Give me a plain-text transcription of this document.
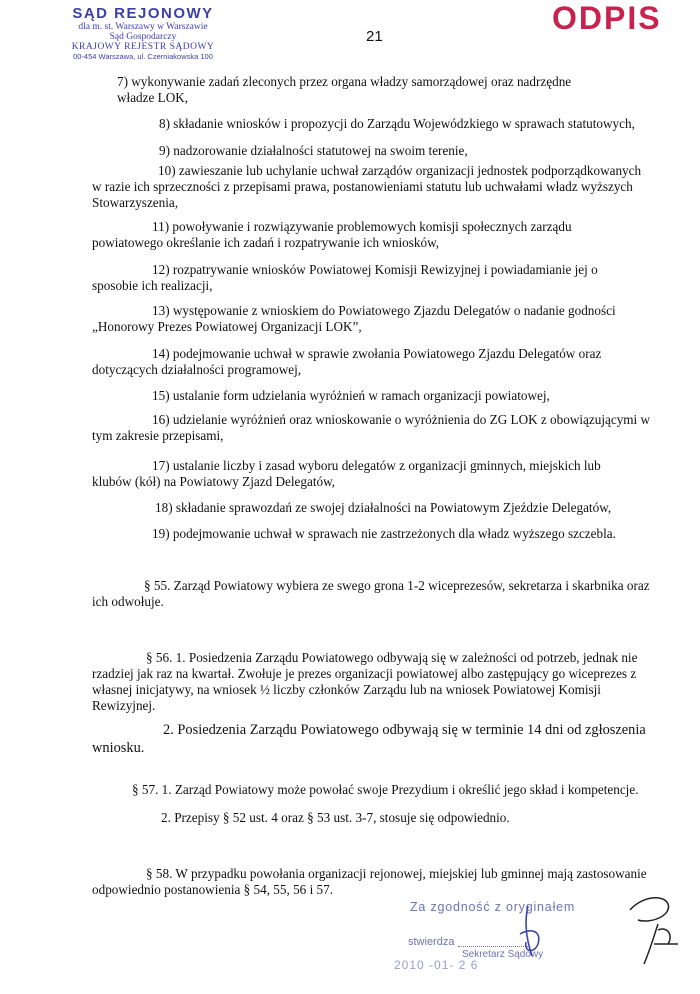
SĄD REJONOWY
dla m. st. Warszawy w Warszawie
Sąd Gospodarczy
KRAJOWY REJESTR SĄDOWY
00-454 Warszawa, ul. Czerniakowska 100
21
ODPIS
7) wykonywanie zadań zleconych przez organa władzy samorządowej oraz nadrzędne
władze LOK,
8) składanie wniosków i propozycji do Zarządu Wojewódzkiego w sprawach statutowych,
9) nadzorowanie działalności statutowej na swoim terenie,
10) zawieszanie lub uchylanie uchwał zarządów organizacji jednostek podporządkowanych
w razie ich sprzeczności z przepisami prawa, postanowieniami statutu lub uchwałami władz wyższych
Stowarzyszenia,
11) powoływanie i rozwiązywanie problemowych komisji społecznych zarządu
powiatowego określanie ich zadań i rozpatrywanie ich wniosków,
12) rozpatrywanie wniosków Powiatowej Komisji Rewizyjnej i powiadamianie jej o
sposobie ich realizacji,
13) występowanie z wnioskiem do Powiatowego Zjazdu Delegatów o nadanie godności
„Honorowy Prezes Powiatowej Organizacji LOK”,
14) podejmowanie uchwał w sprawie zwołania Powiatowego Zjazdu Delegatów oraz
dotyczących działalności programowej,
15) ustalanie form udzielania wyróżnień w ramach organizacji powiatowej,
16) udzielanie wyróżnień oraz wnioskowanie o wyróżnienia do ZG LOK z obowiązującymi w
tym zakresie przepisami,
17) ustalanie liczby i zasad wyboru delegatów z organizacji gminnych, miejskich lub
klubów (kół) na Powiatowy Zjazd Delegatów,
18) składanie sprawozdań ze swojej działalności na Powiatowym Zjeździe Delegatów,
19) podejmowanie uchwał w sprawach nie zastrzeżonych dla władz wyższego szczebla.
§ 55. Zarząd Powiatowy wybiera ze swego grona 1-2 wiceprezesów, sekretarza i skarbnika oraz
ich odwołuje.
§ 56. 1. Posiedzenia Zarządu Powiatowego odbywają się w zależności od potrzeb, jednak nie
rzadziej jak raz na kwartał. Zwołuje je prezes organizacji powiatowej albo zastępujący go wiceprezes z
własnej inicjatywy, na wniosek ½ liczby członków Zarządu lub na wniosek Powiatowej Komisji
Rewizyjnej.
2. Posiedzenia Zarządu Powiatowego odbywają się w terminie 14 dni od zgłoszenia
wniosku.
§ 57. 1. Zarząd Powiatowy może powołać swoje Prezydium i określić jego skład i kompetencje.
2. Przepisy § 52 ust. 4 oraz § 53 ust. 3-7, stosuje się odpowiednio.
§ 58. W przypadku powołania organizacji rejonowej, miejskiej lub gminnej mają zastosowanie
odpowiednio postanowienia § 54, 55, 56 i 57.
Za zgodność z oryginałem
stwierdza
Sekretarz Sądowy
2010 -01- 2 6
